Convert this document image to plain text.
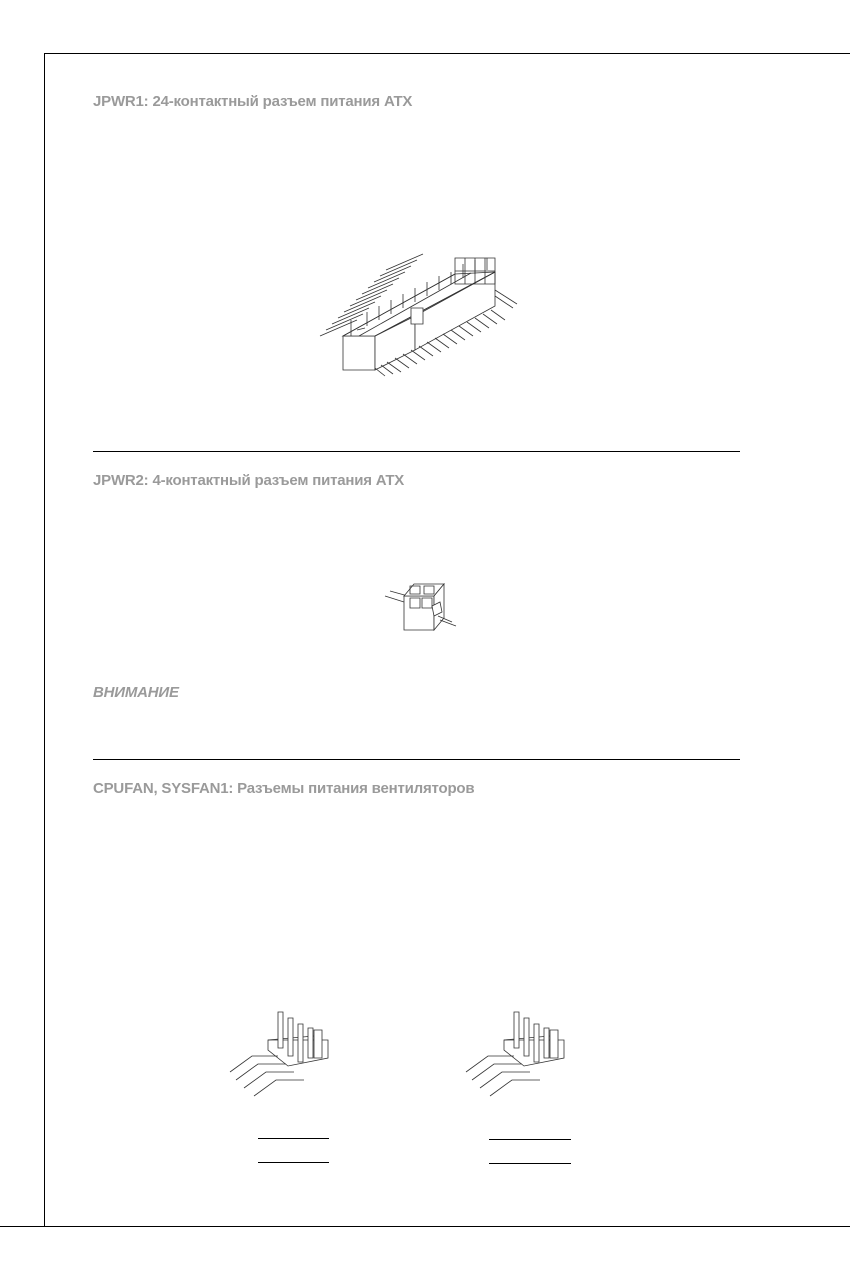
JPWR1: 24-контактный разъем питания ATX
JPWR2: 4-контактный разъем питания ATX
ВНИМАНИЕ
CPUFAN, SYSFAN1: Разъемы питания вентиляторов
